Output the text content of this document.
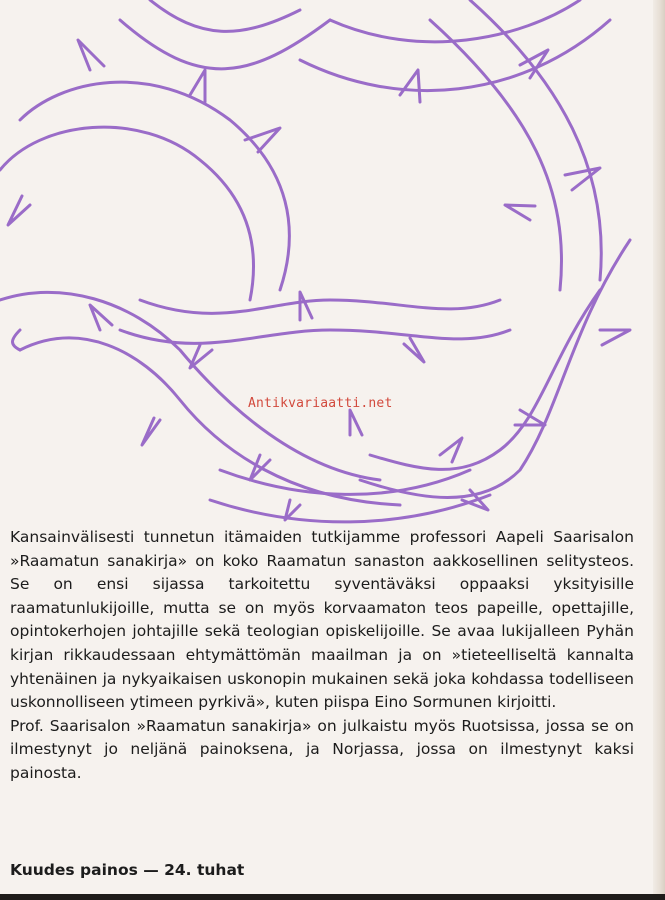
Antikvariaatti.net

Kansainvälisesti tunnetun itämaiden tutkijamme professori Aapeli Saarisalon »Raamatun sanakirja» on koko Raamatun sanaston aakkosellinen selitysteos. Se on ensi sijassa tarkoitettu syventäväksi oppaaksi yksityisille raamatunlukijoille, mutta se on myös korvaamaton teos papeille, opettajille, opintokerhojen johtajille sekä teologian opiskelijoille. Se avaa lukijalleen Pyhän kirjan rikkaudessaan ehtymättömän maailman ja on »tieteelliseltä kannalta yhtenäinen ja nykyaikaisen uskonopin mukainen sekä joka kohdassa todelliseen uskonnolliseen ytimeen pyrkivä», kuten piispa Eino Sormunen kirjoitti.

Prof. Saarisalon »Raamatun sanakirja» on julkaistu myös Ruotsissa, jossa se on ilmestynyt jo neljänä painoksena, ja Norjassa, jossa on ilmestynyt kaksi painosta.

Kuudes painos — 24. tuhat
